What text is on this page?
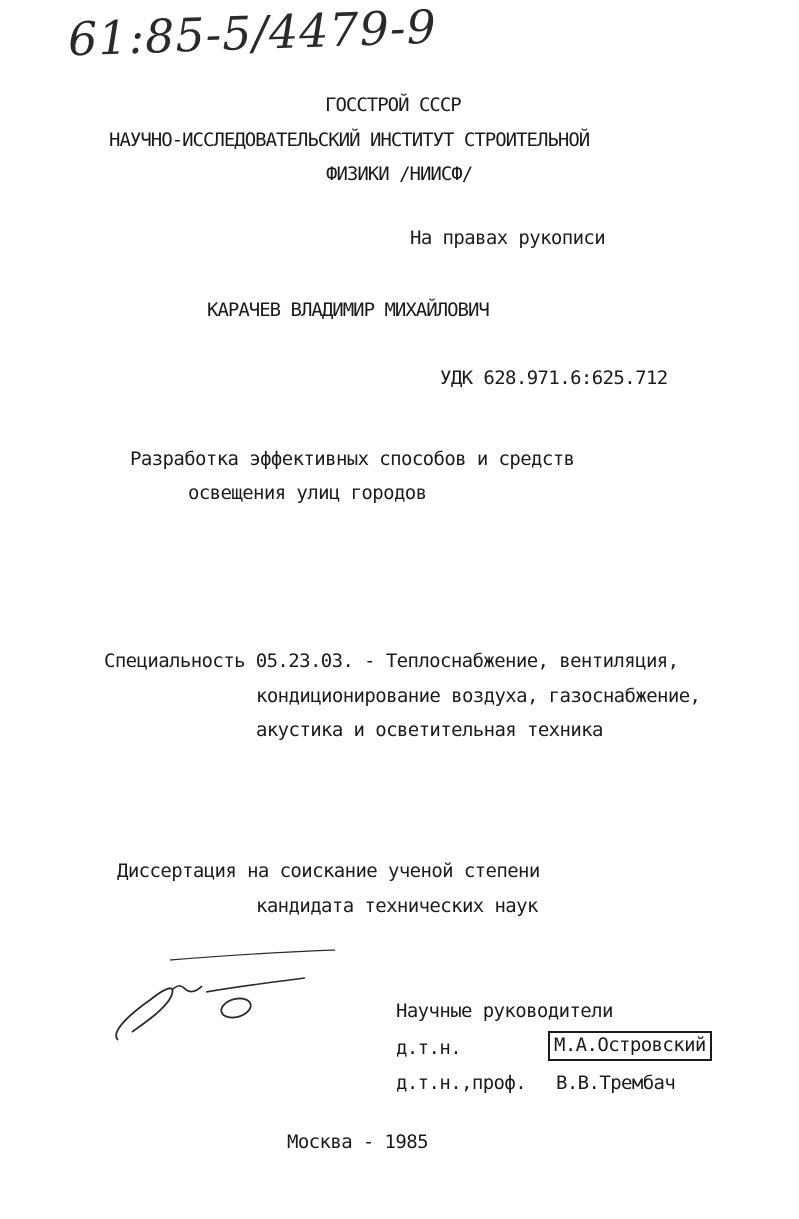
61:85-5/4479-9
ГОССТРОЙ СССР
НАУЧНО-ИССЛЕДОВАТЕЛЬСКИЙ ИНСТИТУТ СТРОИТЕЛЬНОЙ
ФИЗИКИ /НИИСФ/
На правах рукописи
КАРАЧЕВ ВЛАДИМИР МИХАЙЛОВИЧ
УДК 628.971.6:625.712
Разработка эффективных способов и средств
освещения улиц городов
Специальность 05.23.03. - Теплоснабжение, вентиляция,
кондиционирование воздуха, газоснабжение,
акустика и осветительная техника
Диссертация на соискание ученой степени
кандидата технических наук
Научные руководители
д.т.н.	М.А.Островский
д.т.н.,проф. В.В.Трембач
Москва - 1985
